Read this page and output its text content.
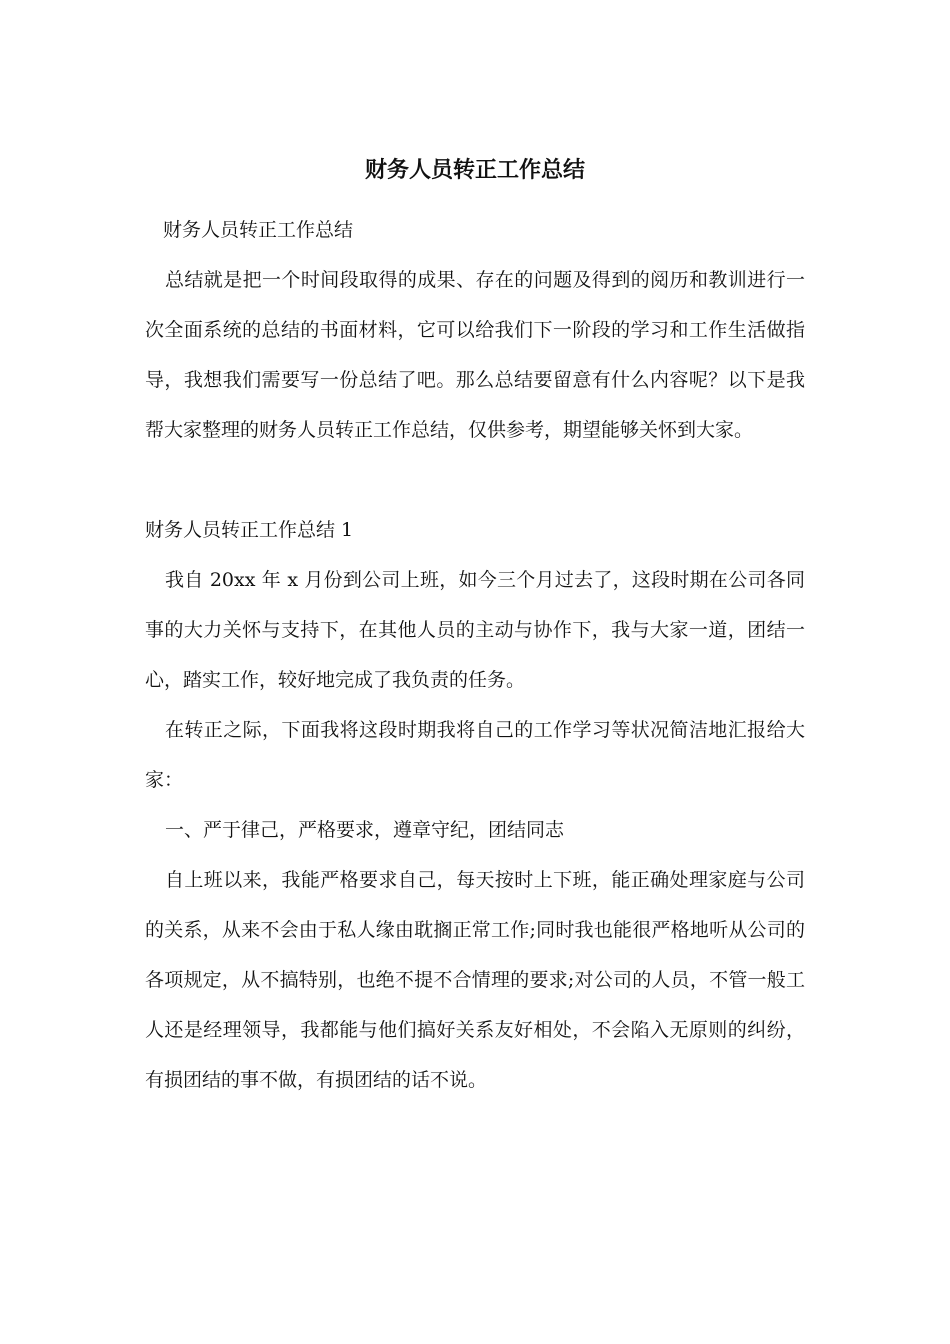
财务人员转正工作总结

财务人员转正工作总结

总结就是把一个时间段取得的成果、存在的问题及得到的阅历和教训进行一次全面系统的总结的书面材料，它可以给我们下一阶段的学习和工作生活做指导，我想我们需要写一份总结了吧。那么总结要留意有什么内容呢？以下是我帮大家整理的财务人员转正工作总结，仅供参考，期望能够关怀到大家。

财务人员转正工作总结 1

我自 20xx 年 x 月份到公司上班，如今三个月过去了，这段时期在公司各同事的大力关怀与支持下，在其他人员的主动与协作下，我与大家一道，团结一心，踏实工作，较好地完成了我负责的任务。

在转正之际，下面我将这段时期我将自己的工作学习等状况简洁地汇报给大家：

一、严于律己，严格要求，遵章守纪，团结同志

自上班以来，我能严格要求自己，每天按时上下班，能正确处理家庭与公司的关系，从来不会由于私人缘由耽搁正常工作;同时我也能很严格地听从公司的各项规定，从不搞特别，也绝不提不合情理的要求;对公司的人员，不管一般工人还是经理领导，我都能与他们搞好关系友好相处，不会陷入无原则的纠纷，有损团结的事不做，有损团结的话不说。
